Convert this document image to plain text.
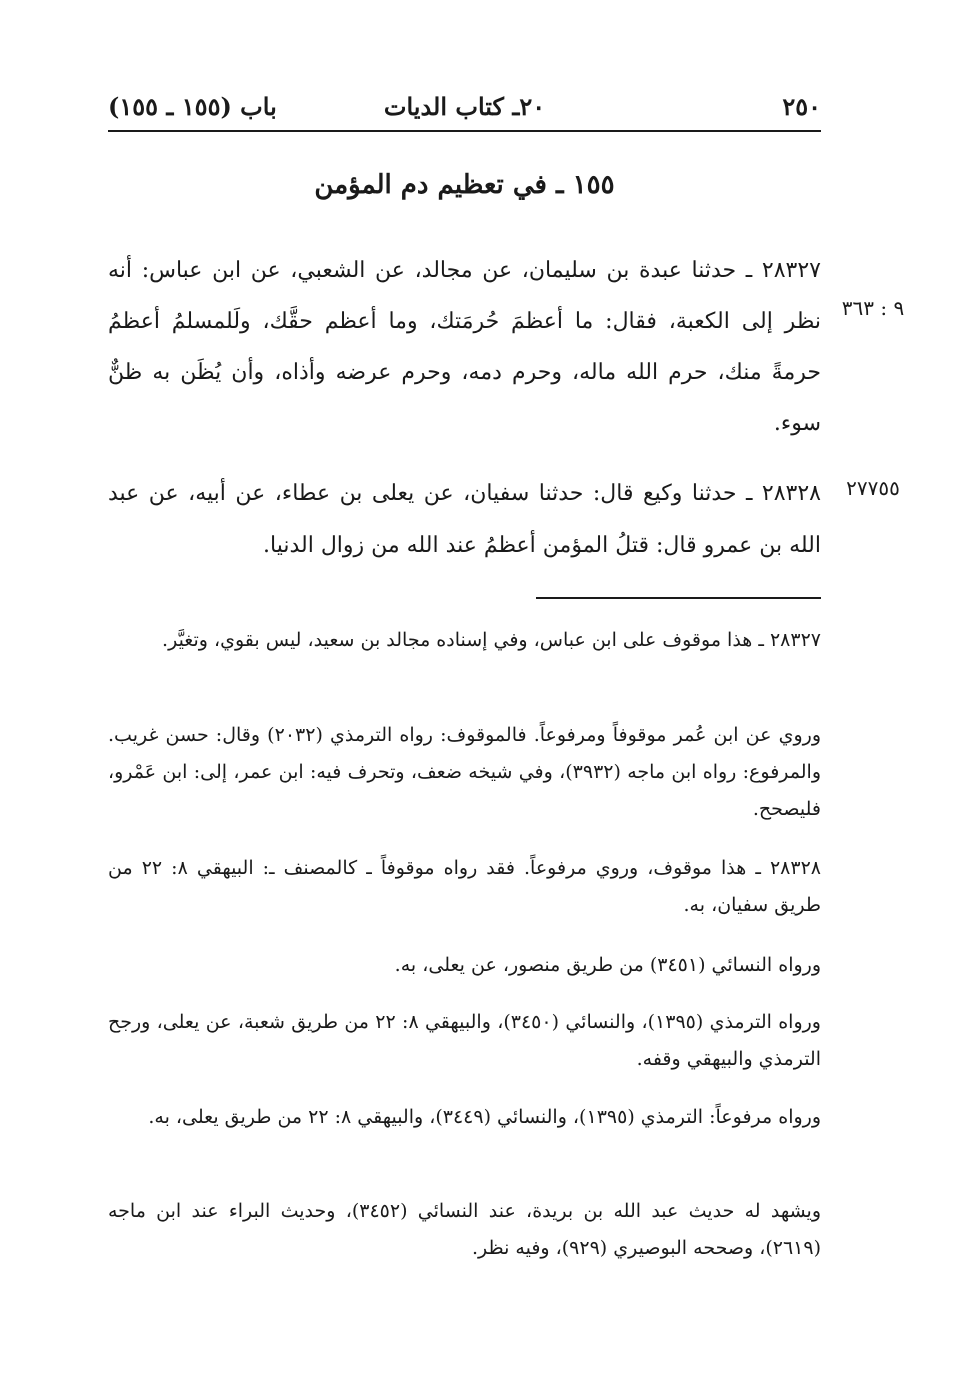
٢٥٠
٢٠ـ كتاب الديات
باب (١٥٥ ـ ١٥٥)
١٥٥ ـ في تعظيم دم المؤمن
٩ : ٣٦٣
٢٨٣٢٧ ـ حدثنا عبدة بن سليمان، عن مجالد، عن الشعبي، عن ابن عباس: أنه نظر إلى الكعبة، فقال: ما أعظمَ حُرمَتك، وما أعظم حقَّك، ولَلمسلمُ أعظمُ حرمةً منك، حرم الله ماله، وحرم دمه، وحرم عرضه وأذاه، وأن يُظَن به ظنٌّ سوء.
٢٧٧٥٥
٢٨٣٢٨ ـ حدثنا وكيع قال: حدثنا سفيان، عن يعلى بن عطاء، عن أبيه، عن عبد الله بن عمرو قال: قتلُ المؤمن أعظمُ عند الله من زوال الدنيا.
٢٨٣٢٧ ـ هذا موقوف على ابن عباس، وفي إسناده مجالد بن سعيد، ليس بقوي، وتغيَّر.
وروي عن ابن عُمر موقوفاً ومرفوعاً. فالموقوف: رواه الترمذي (٢٠٣٢) وقال: حسن غريب. والمرفوع: رواه ابن ماجه (٣٩٣٢)، وفي شيخه ضعف، وتحرف فيه: ابن عمر، إلى: ابن عَمْرو، فليصحح.
٢٨٣٢٨ ـ هذا موقوف، وروي مرفوعاً. فقد رواه موقوفاً ـ كالمصنف ـ: البيهقي ٨: ٢٢ من طريق سفيان، به.
ورواه النسائي (٣٤٥١) من طريق منصور، عن يعلى، به.
ورواه الترمذي (١٣٩٥)، والنسائي (٣٤٥٠)، والبيهقي ٨: ٢٢ من طريق شعبة، عن يعلى، ورجح الترمذي والبيهقي وقفه.
ورواه مرفوعاً: الترمذي (١٣٩٥)، والنسائي (٣٤٤٩)، والبيهقي ٨: ٢٢ من طريق يعلى، به.
ويشهد له حديث عبد الله بن بريدة، عند النسائي (٣٤٥٢)، وحديث البراء عند ابن ماجه (٢٦١٩)، وصححه البوصيري (٩٢٩)، وفيه نظر.
